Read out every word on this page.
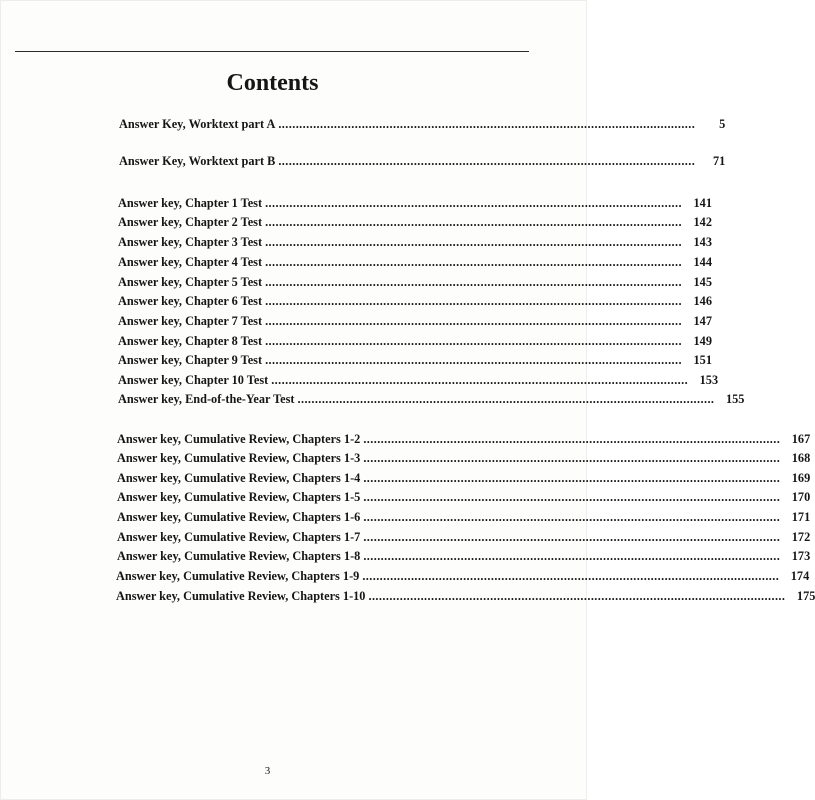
Contents
Answer Key, Worktext part A ........................................................................................................................	5
Answer Key, Worktext part B ........................................................................................................................	71
Answer key, Chapter 1 Test ........................................................................................................................ 141
Answer key, Chapter 2 Test ........................................................................................................................ 142
Answer key, Chapter 3 Test ........................................................................................................................ 143
Answer key, Chapter 4 Test ........................................................................................................................ 144
Answer key, Chapter 5 Test ........................................................................................................................ 145
Answer key, Chapter 6 Test ........................................................................................................................ 146
Answer key, Chapter 7 Test ........................................................................................................................ 147
Answer key, Chapter 8 Test ........................................................................................................................ 149
Answer key, Chapter 9 Test ........................................................................................................................ 151
Answer key, Chapter 10 Test ........................................................................................................................ 153
Answer key, End-of-the-Year Test ........................................................................................................................ 155
Answer key, Cumulative Review, Chapters 1-2 ........................................................................................................................ 167
Answer key, Cumulative Review, Chapters 1-3 ........................................................................................................................ 168
Answer key, Cumulative Review, Chapters 1-4 ........................................................................................................................ 169
Answer key, Cumulative Review, Chapters 1-5 ........................................................................................................................ 170
Answer key, Cumulative Review, Chapters 1-6 ........................................................................................................................ 171
Answer key, Cumulative Review, Chapters 1-7 ........................................................................................................................ 172
Answer key, Cumulative Review, Chapters 1-8 ........................................................................................................................ 173
Answer key, Cumulative Review, Chapters 1-9 ........................................................................................................................ 174
Answer key, Cumulative Review, Chapters 1-10 ........................................................................................................................ 175
3
